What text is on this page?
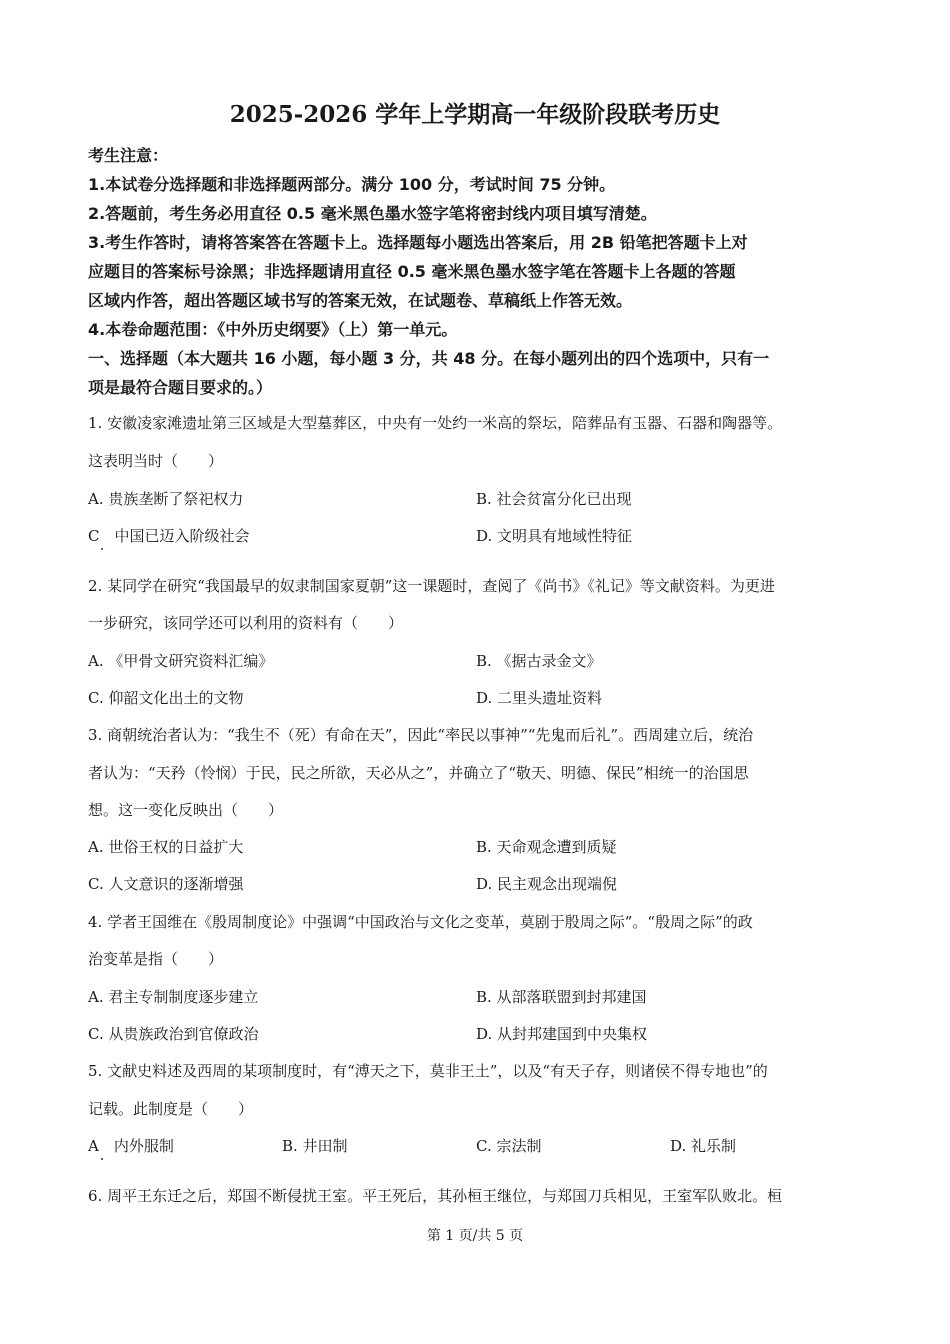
2025-2026 学年上学期高一年级阶段联考历史
考生注意：
1.本试卷分选择题和非选择题两部分。满分 100 分，考试时间 75 分钟。
2.答题前，考生务必用直径 0.5 毫米黑色墨水签字笔将密封线内项目填写清楚。
3.考生作答时，请将答案答在答题卡上。选择题每小题选出答案后，用 2B 铅笔把答题卡上对
应题目的答案标号涂黑；非选择题请用直径 0.5 毫米黑色墨水签字笔在答题卡上各题的答题
区域内作答，超出答题区域书写的答案无效，在试题卷、草稿纸上作答无效。
4.本卷命题范围：《中外历史纲要》（上）第一单元。
一、选择题（本大题共 16 小题，每小题 3 分，共 48 分。在每小题列出的四个选项中，只有一
项是最符合题目要求的。）
1. 安徽凌家滩遗址第三区域是大型墓葬区，中央有一处约一米高的祭坛，陪葬品有玉器、石器和陶器等。
这表明当时（　　）
A. 贵族垄断了祭祀权力	B. 社会贫富分化已出现
C　中国已迈入阶级社会	D. 文明具有地域性特征
2. 某同学在研究“我国最早的奴隶制国家夏朝”这一课题时，查阅了《尚书》《礼记》等文献资料。为更进
一步研究，该同学还可以利用的资料有（　　）
A. 《甲骨文研究资料汇编》	B. 《据古录金文》
C. 仰韶文化出土的文物	D. 二里头遗址资料
3. 商朝统治者认为：“我生不（死）有命在天”，因此“率民以事神”“先鬼而后礼”。西周建立后，统治
者认为：“天矜（怜悯）于民，民之所欲，天必从之”，并确立了“敬天、明德、保民”相统一的治国思
想。这一变化反映出（　　）
A. 世俗王权的日益扩大	B. 天命观念遭到质疑
C. 人文意识的逐渐增强	D. 民主观念出现端倪
4. 学者王国维在《殷周制度论》中强调“中国政治与文化之变革，莫剧于殷周之际”。“殷周之际”的政
治变革是指（　　）
A. 君主专制制度逐步建立	B. 从部落联盟到封邦建国
C. 从贵族政治到官僚政治	D. 从封邦建国到中央集权
5. 文献史料述及西周的某项制度时，有“溥天之下，莫非王土”，以及“有天子存，则诸侯不得专地也”的
记载。此制度是（　　）
A　内外服制	B. 井田制	C. 宗法制	D. 礼乐制
6. 周平王东迁之后，郑国不断侵扰王室。平王死后，其孙桓王继位，与郑国刀兵相见，王室军队败北。桓
第 1 页/共 5 页
